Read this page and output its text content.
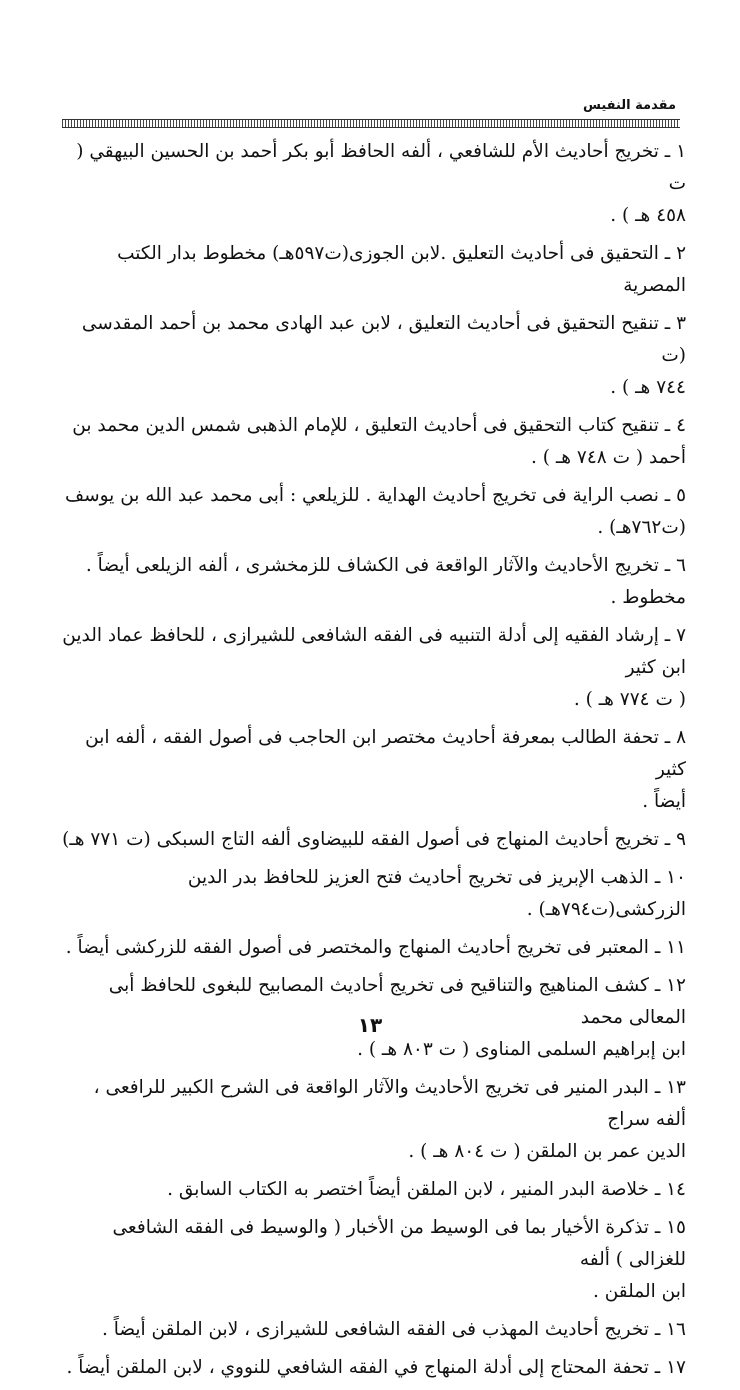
مقدمة النفيس
١ ـ تخريج أحاديث الأم للشافعي ، ألفه الحافظ أبو بكر أحمد بن الحسين البيهقي ( ت
٤٥٨ هـ ) .
٢ ـ التحقيق فى أحاديث التعليق .لابن الجوزى(ت٥٩٧هـ) مخطوط بدار الكتب المصرية
٣ ـ تنقيح التحقيق فى أحاديث التعليق ، لابن عبد الهادى محمد بن أحمد المقدسى (ت
٧٤٤ هـ ) .
٤ ـ تنقيح كتاب التحقيق فى أحاديث التعليق ، للإمام الذهبى شمس الدين محمد بن
أحمد ( ت ٧٤٨ هـ ) .
٥ ـ نصب الراية فى تخريج أحاديث الهداية . للزيلعي : أبى محمد عبد الله بن يوسف
(ت٧٦٢هـ) .
٦ ـ تخريج الأحاديث والآثار الواقعة فى الكشاف للزمخشرى ، ألفه الزيلعى أيضاً . مخطوط .
٧ ـ إرشاد الفقيه إلى أدلة التنبيه فى الفقه الشافعى للشيرازى ، للحافظ عماد الدين ابن كثير
( ت ٧٧٤ هـ ) .
٨ ـ تحفة الطالب بمعرفة أحاديث مختصر ابن الحاجب فى أصول الفقه ، ألفه ابن كثير
أيضاً .
٩ ـ تخريج أحاديث المنهاج فى أصول الفقه للبيضاوى ألفه التاج السبكى (ت ٧٧١ هـ)
١٠ ـ الذهب الإبريز فى تخريج أحاديث فتح العزيز للحافظ بدر الدين الزركشى(ت٧٩٤هـ) .
١١ ـ المعتبر فى تخريج أحاديث المنهاج والمختصر فى أصول الفقه للزركشى أيضاً .
١٢ ـ كشف المناهيج والتناقيح فى تخريج أحاديث المصابيح للبغوى للحافظ أبى المعالى محمد
ابن إبراهيم السلمى المناوى ( ت ٨٠٣ هـ ) .
١٣ ـ البدر المنير فى تخريج الأحاديث والآثار الواقعة فى الشرح الكبير للرافعى ، ألفه سراج
الدين عمر بن الملقن ( ت ٨٠٤ هـ ) .
١٤ ـ خلاصة البدر المنير ، لابن الملقن أيضاً اختصر به الكتاب السابق .
١٥ ـ تذكرة الأخيار بما فى الوسيط من الأخبار ( والوسيط فى الفقه الشافعى للغزالى ) ألفه
ابن الملقن .
١٦ ـ تخريج أحاديث المهذب فى الفقه الشافعى للشيرازى ، لابن الملقن أيضاً .
١٧ ـ تحفة المحتاج إلى أدلة المنهاج في الفقه الشافعي للنووي ، لابن الملقن أيضاً .
١٣
